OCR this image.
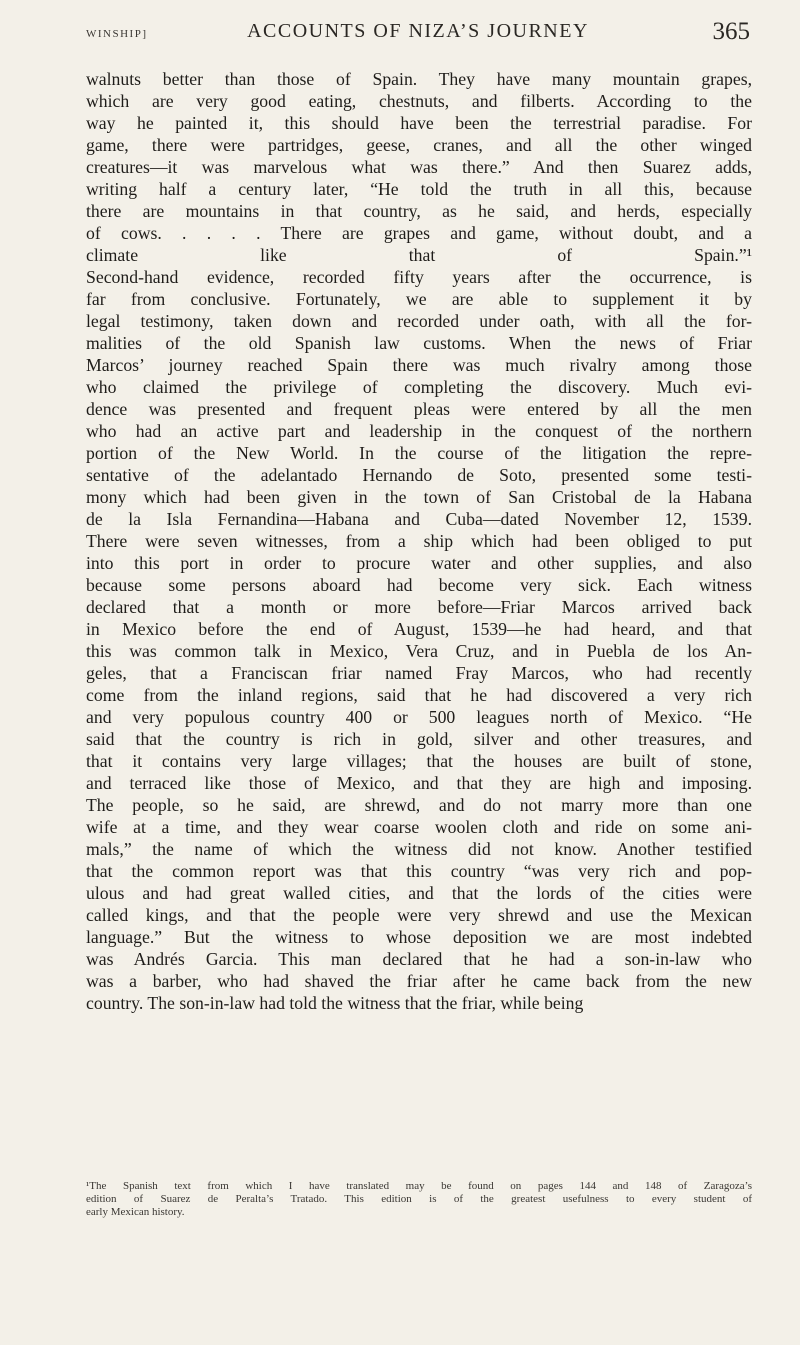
WINSHIP]	ACCOUNTS OF NIZA’S JOURNEY	365
walnuts better than those of Spain. They have many mountain grapes,
which are very good eating, chestnuts, and filberts. According to the
way he painted it, this should have been the terrestrial paradise. For
game, there were partridges, geese, cranes, and all the other winged
creatures—it was marvelous what was there.” And then Suarez adds,
writing half a century later, “He told the truth in all this, because
there are mountains in that country, as he said, and herds, especially
of cows. . . . . There are grapes and game, without doubt, and a
climate like that of Spain.”¹
Second-hand evidence, recorded fifty years after the occurrence, is
far from conclusive. Fortunately, we are able to supplement it by
legal testimony, taken down and recorded under oath, with all the for-
malities of the old Spanish law customs. When the news of Friar
Marcos’ journey reached Spain there was much rivalry among those
who claimed the privilege of completing the discovery. Much evi-
dence was presented and frequent pleas were entered by all the men
who had an active part and leadership in the conquest of the northern
portion of the New World. In the course of the litigation the repre-
sentative of the adelantado Hernando de Soto, presented some testi-
mony which had been given in the town of San Cristobal de la Habana
de la Isla Fernandina—Habana and Cuba—dated November 12, 1539.
There were seven witnesses, from a ship which had been obliged to put
into this port in order to procure water and other supplies, and also
because some persons aboard had become very sick. Each witness
declared that a month or more before—Friar Marcos arrived back
in Mexico before the end of August, 1539—he had heard, and that
this was common talk in Mexico, Vera Cruz, and in Puebla de los An-
geles, that a Franciscan friar named Fray Marcos, who had recently
come from the inland regions, said that he had discovered a very rich
and very populous country 400 or 500 leagues north of Mexico. “He
said that the country is rich in gold, silver and other treasures, and
that it contains very large villages; that the houses are built of stone,
and terraced like those of Mexico, and that they are high and imposing.
The people, so he said, are shrewd, and do not marry more than one
wife at a time, and they wear coarse woolen cloth and ride on some ani-
mals,” the name of which the witness did not know. Another testified
that the common report was that this country “was very rich and pop-
ulous and had great walled cities, and that the lords of the cities were
called kings, and that the people were very shrewd and use the Mexican
language.” But the witness to whose deposition we are most indebted
was Andrés Garcia. This man declared that he had a son-in-law who
was a barber, who had shaved the friar after he came back from the new
country. The son-in-law had told the witness that the friar, while being
¹The Spanish text from which I have translated may be found on pages 144 and 148 of Zaragoza’s
edition of Suarez de Peralta’s Tratado. This edition is of the greatest usefulness to every student of
early Mexican history.
